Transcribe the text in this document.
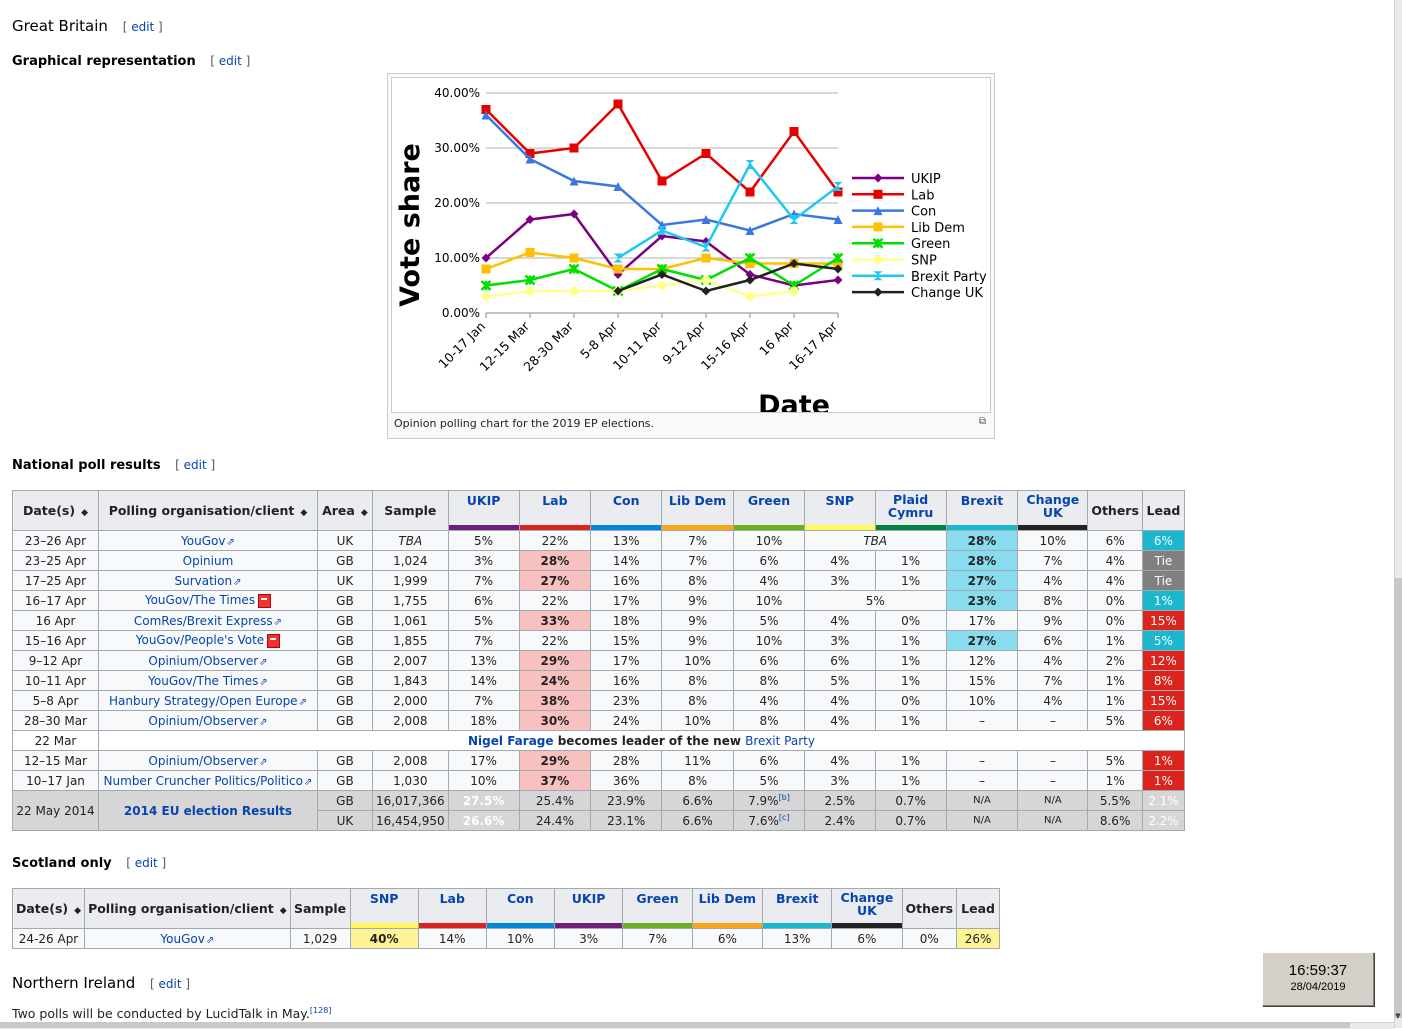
Great Britain [ edit ]
Graphical representation [ edit ]
0.00%
10.00%
20.00%
30.00%
40.00%
10-17 Jan
12-15 Mar
28-30 Mar 5-8 Apr
10-11 Apr
9-12 Apr
15-16 Apr 16 Apr
16-17 Apr
Vote share
Date
UKIP
Lab
Con
Lib Dem
Green
SNP
Brexit Party
Change UK
Opinion polling chart for the 2019 EP elections.	⧉
National poll results [ edit ]
Date(s) ◆	Polling organisation/client ◆	Area ◆	Sample	UKIP	Lab	Con	Lib Dem	Green	SNP	Plaid Cymru	Brexit	Change UK	Others	Lead
23–26 Apr	YouGov⇗	UK	TBA	5%	22%	13%	7%	10%	TBA		28%	10%	6%	6%
23–25 Apr	Opinium	GB	1,024	3%	28%	14%	7%	6%	4%	1%	28%	7%	4%	Tie
17–25 Apr	Survation⇗	UK	1,999	7%	27%	16%	8%	4%	3%	1%	27%	4%	4%	Tie
16–17 Apr	YouGov/The Times	GB	1,755	6%	22%	17%	9%	10%	5%		23%	8%	0%	1%
16 Apr	ComRes/Brexit Express⇗	GB	1,061	5%	33%	18%	9%	5%	4%	0%	17%	9%	0%	15%
15–16 Apr	YouGov/People's Vote	GB	1,855	7%	22%	15%	9%	10%	3%	1%	27%	6%	1%	5%
9–12 Apr	Opinium/Observer⇗	GB	2,007	13%	29%	17%	10%	6%	6%	1%	12%	4%	2%	12%
10–11 Apr	YouGov/The Times⇗	GB	1,843	14%	24%	16%	8%	8%	5%	1%	15%	7%	1%	8%
5–8 Apr	Hanbury Strategy/Open Europe⇗	GB	2,000	7%	38%	23%	8%	4%	4%	0%	10%	4%	1%	15%
28–30 Mar	Opinium/Observer⇗	GB	2,008	18%	30%	24%	10%	8%	4%	1%	–	–	5%	6%
22 Mar	Nigel Farage becomes leader of the new Brexit Party													
12–15 Mar	Opinium/Observer⇗	GB	2,008	17%	29%	28%	11%	6%	4%	1%	–	–	5%	1%
10–17 Jan	Number Cruncher Politics/Politico⇗	GB	1,030	10%	37%	36%	8%	5%	3%	1%	–	–	1%	1%
22 May 2014	2014 EU election Results	GB	16,017,366	27.5%	25.4%	23.9%	6.6%	7.9%[b]	2.5%	0.7%	N/A	N/A	5.5%	2.1%
		UK	16,454,950	26.6%	24.4%	23.1%	6.6%	7.6%[c]	2.4%	0.7%	N/A	N/A	8.6%	2.2%
Scotland only [ edit ]
Date(s) ◆	Polling organisation/client ◆	Sample	SNP	Lab	Con	UKIP	Green	Lib Dem	Brexit	Change UK	Others	Lead
24-26 Apr	YouGov⇗	1,029	40%	14%	10%	3%	7%	6%	13%	6%	0%	26%
Northern Ireland [ edit ]
Two polls will be conducted by LucidTalk in May.[128]
16:59:37
28/04/2019
▼
